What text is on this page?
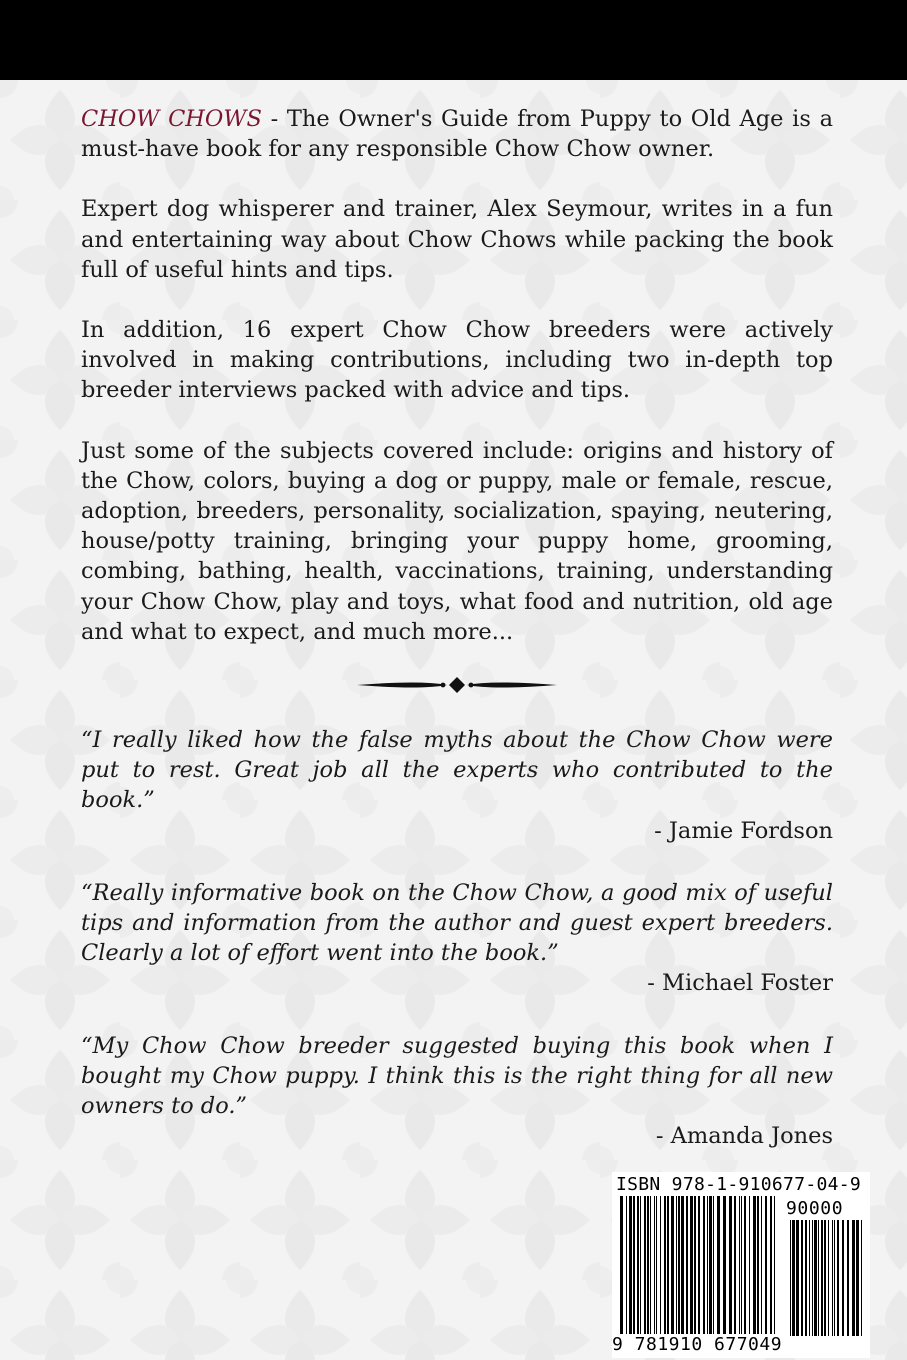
CHOW CHOWS - The Owner's Guide from Puppy to Old Age is a must-have book for any responsible Chow Chow owner.

Expert dog whisperer and trainer, Alex Seymour, writes in a fun and entertaining way about Chow Chows while packing the book full of useful hints and tips.

In addition, 16 expert Chow Chow breeders were actively involved in making contributions, including two in-depth top breeder interviews packed with advice and tips.

Just some of the subjects covered include: origins and history of the Chow, colors, buying a dog or puppy, male or female, rescue, adoption, breeders, personality, socialization, spaying, neutering, house/potty training, bringing your puppy home, grooming, combing, bathing, health, vaccinations, training, understanding your Chow Chow, play and toys, what food and nutrition, old age and what to expect, and much more...

“I really liked how the false myths about the Chow Chow were put to rest. Great job all the experts who contributed to the book.”

- Jamie Fordson

“Really informative book on the Chow Chow, a good mix of useful tips and information from the author and guest expert breeders. Clearly a lot of effort went into the book.”

- Michael Foster

“My Chow Chow breeder suggested buying this book when I bought my Chow puppy. I think this is the right thing for all new owners to do.”

- Amanda Jones

ISBN 978-1-910677-04-9
90000
9 781910 677049
